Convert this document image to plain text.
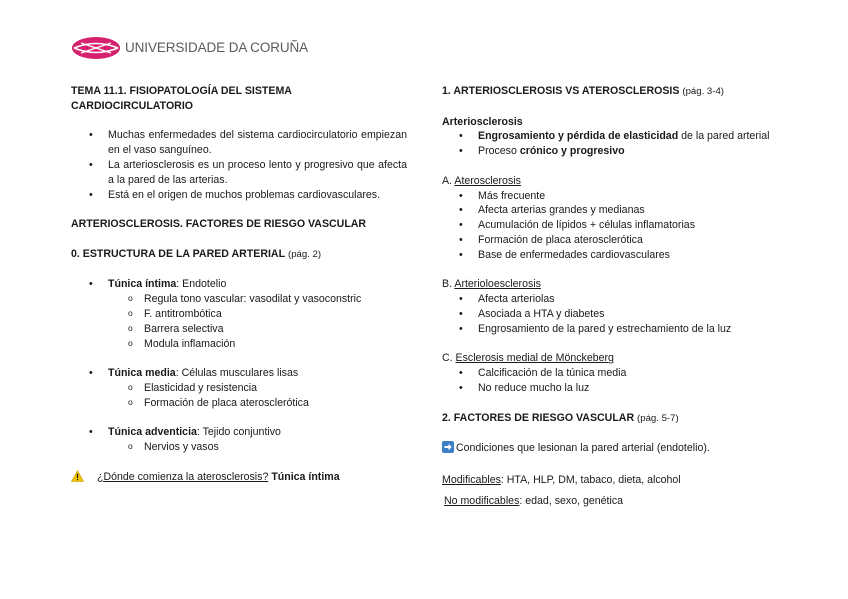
UNIVERSIDADE DA CORUÑA

TEMA 11.1. FISIOPATOLOGÍA DEL SISTEMA CARDIOCIRCULATORIO

• Muchas enfermedades del sistema cardiocirculatorio empiezan en el vaso sanguíneo.
• La arteriosclerosis es un proceso lento y progresivo que afecta a la pared de las arterias.
• Está en el origen de muchos problemas cardiovasculares.

ARTERIOSCLEROSIS. FACTORES DE RIESGO VASCULAR

0. ESTRUCTURA DE LA PARED ARTERIAL (pág. 2)

• Túnica íntima: Endotelio
o Regula tono vascular: vasodilat y vasoconstric
o F. antitrombótica
o Barrera selectiva
o Modula inflamación
• Túnica media: Células musculares lisas
o Elasticidad y resistencia
o Formación de placa aterosclerótica
• Túnica adventicia: Tejido conjuntivo
o Nervios y vasos
¿Dónde comienza la aterosclerosis? Túnica íntima

1. ARTERIOSCLEROSIS VS ATEROSCLEROSIS (pág. 3-4)

Arteriosclerosis

• Engrosamiento y pérdida de elasticidad de la pared arterial
• Proceso crónico y progresivo

A. Aterosclerosis

• Más frecuente
• Afecta arterias grandes y medianas
• Acumulación de lípidos + células inflamatorias
• Formación de placa aterosclerótica
• Base de enfermedades cardiovasculares

B. Arterioloesclerosis

• Afecta arteriolas
• Asociada a HTA y diabetes
• Engrosamiento de la pared y estrechamiento de la luz

C. Esclerosis medial de Mönckeberg

• Calcificación de la túnica media
• No reduce mucho la luz

2. FACTORES DE RIESGO VASCULAR (pág. 5-7)

Condiciones que lesionan la pared arterial (endotelio).

Modificables: HTA, HLP, DM, tabaco, dieta, alcohol

No modificables: edad, sexo, genética
